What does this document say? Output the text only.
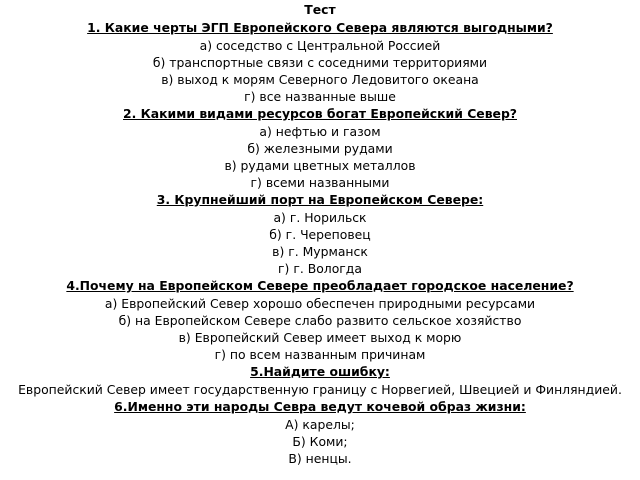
Тест
1. Какие черты ЭГП Европейского Севера являются выгодными?
а) соседство с Центральной Россией
б) транспортные связи с соседними территориями
в) выход к морям Северного Ледовитого океана
г) все названные выше
2. Какими видами ресурсов богат Европейский Север?
а) нефтью и газом
б) железными рудами
в) рудами цветных металлов
г) всеми названными
3. Крупнейший порт на Европейском Севере:
а) г. Норильск
б) г. Череповец
в) г. Мурманск
г) г. Вологда
4.Почему на Европейском Севере преобладает городское население?
а) Европейский Север хорошо обеспечен природными ресурсами
б) на Европейском Севере слабо развито сельское хозяйство
в) Европейский Север имеет выход к морю
г) по всем названным причинам
5.Найдите ошибку:
Европейский Север имеет государственную границу с Норвегией, Швецией и Финляндией.
6.Именно эти народы Севра ведут кочевой образ жизни:
А) карелы;
Б) Коми;
В) ненцы.
